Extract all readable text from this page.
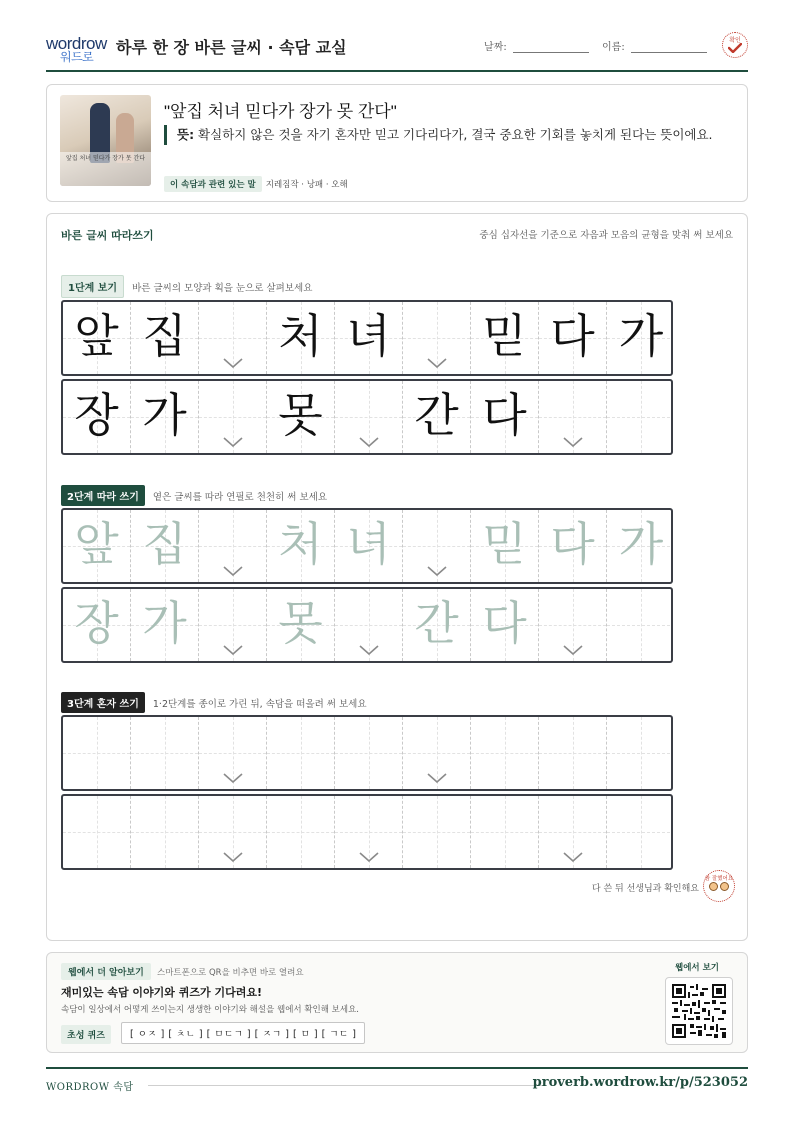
wordrow
워드로 하루 한 장 바른 글씨 · 속담 교실	날짜:	이름:
확인
앞집 처녀 믿다가 장가 못 간다
"앞집 처녀 믿다가 장가 못 간다"
뜻: 확실하지 않은 것을 자기 혼자만 믿고 기다리다가, 결국 중요한 기회를 놓치게 된다는 뜻이에요.
이 속담과 관련 있는 말 지레짐작 · 낭패 · 오해
바른 글씨 따라쓰기	중심 십자선을 기준으로 자음과 모음의 균형을 맞춰 써 보세요
1단계 보기	바른 글씨의 모양과 획을 눈으로 살펴보세요
앞 집 처 녀 믿 다 가
장 가 못 간 다
2단계 따라 쓰기	옅은 글씨를 따라 연필로 천천히 써 보세요
앞 집 처 녀 믿 다 가
장 가 못 간 다
3단계 혼자 쓰기	1·2단계를 종이로 가린 뒤, 속담을 떠올려 써 보세요
다 쓴 뒤 선생님과 확인해요
참 잘했어요
웹에서 더 알아보기	스마트폰으로 QR을 비추면 바로 열려요
재미있는 속담 이야기와 퀴즈가 기다려요!
속담이 일상에서 어떻게 쓰이는지 생생한 이야기와 해설을 웹에서 확인해 보세요.
초성 퀴즈	[ ㅇㅈ ] [ ㅊㄴ ] [ ㅁㄷㄱ ] [ ㅈㄱ ] [ ㅁ ] [ ㄱㄷ ]
웹에서 보기
WORDROW 속담	proverb.wordrow.kr/p/523052
